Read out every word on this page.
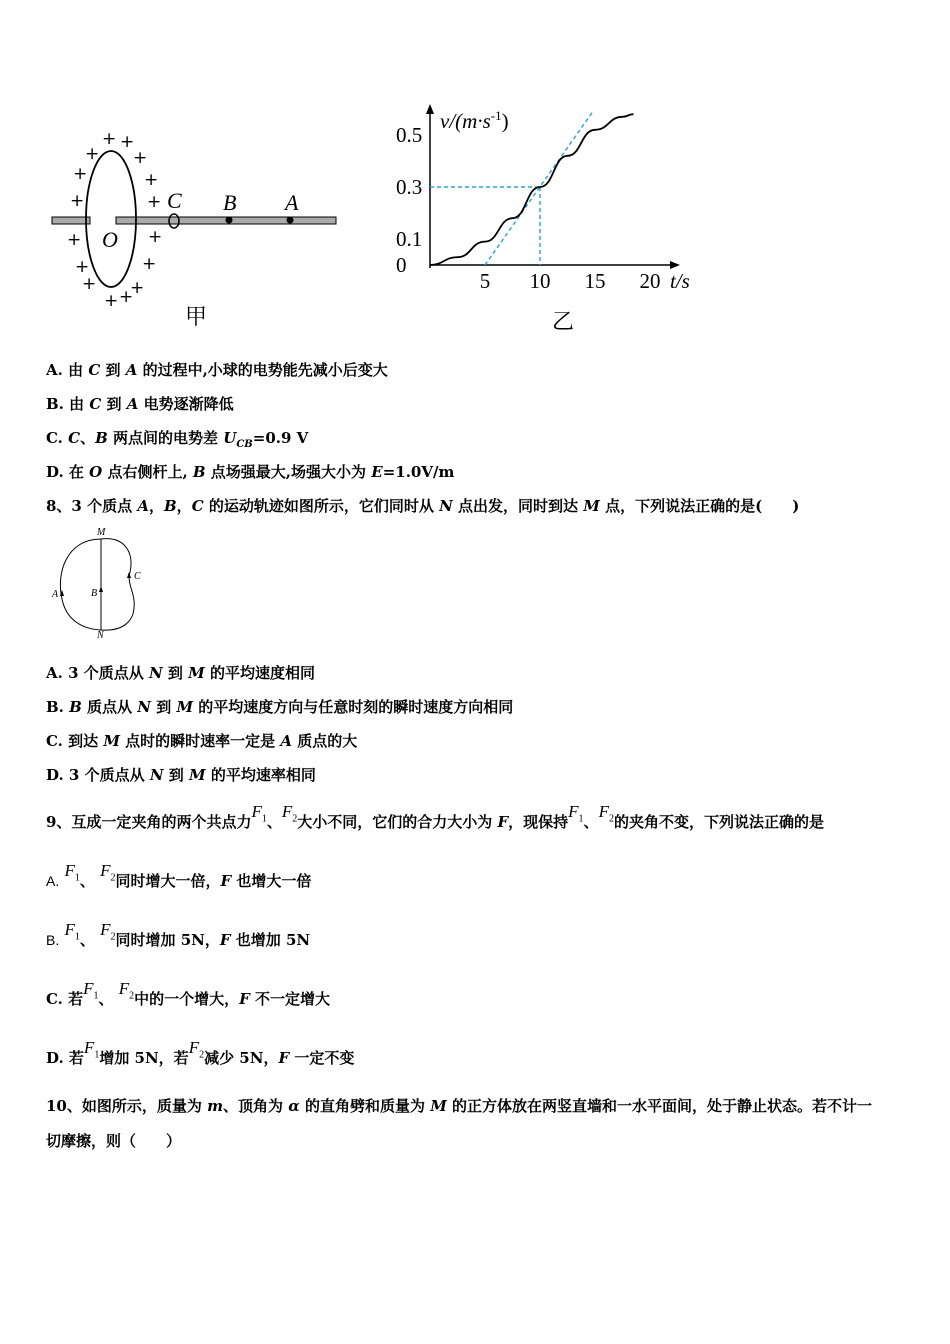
O
C B A
+ +
+ +
+	+
+	+
+	+
+	+
+ +
+ +
甲
0.5
0.3
0.1
0
5 10 15 20
$v/(m\cdot s^{-1})$
t/s
乙
A. 由 C 到 A 的过程中,小球的电势能先减小后变大
B. 由 C 到 A 电势逐渐降低
C. C、B 两点间的电势差 $U_{CB}=0.9$ V
D. 在 O 点右侧杆上, B 点场强最大,场强大小为 E=1.0V/m
8、3 个质点 A，B，C 的运动轨迹如图所示，它们同时从 N 点出发，同时到达 M 点，下列说法正确的是(　　)
M
N
A	B
C
A. 3 个质点从 N 到 M 的平均速度相同
B. B 质点从 N 到 M 的平均速度方向与任意时刻的瞬时速度方向相同
C. 到达 M 点时的瞬时速率一定是 A 质点的大
D. 3 个质点从 N 到 M 的平均速率相同
9、互成一定夹角的两个共点力$F_1$、$F_2$大小不同，它们的合力大小为 F，现保持$F_1$、$F_2$的夹角不变，下列说法正确的是
A. $F_1$、 $F_2$同时增大一倍，F 也增大一倍
B. $F_1$、 $F_2$同时增加 5N，F 也增加 5N
C. 若$F_1$、 $F_2$中的一个增大，F 不一定增大
D. 若$F_1$增加 5N，若$F_2$减少 5N，F 一定不变
10、如图所示，质量为 m、顶角为 α 的直角劈和质量为 M 的正方体放在两竖直墙和一水平面间，处于静止状态。若不计一
切摩擦，则（　　）
